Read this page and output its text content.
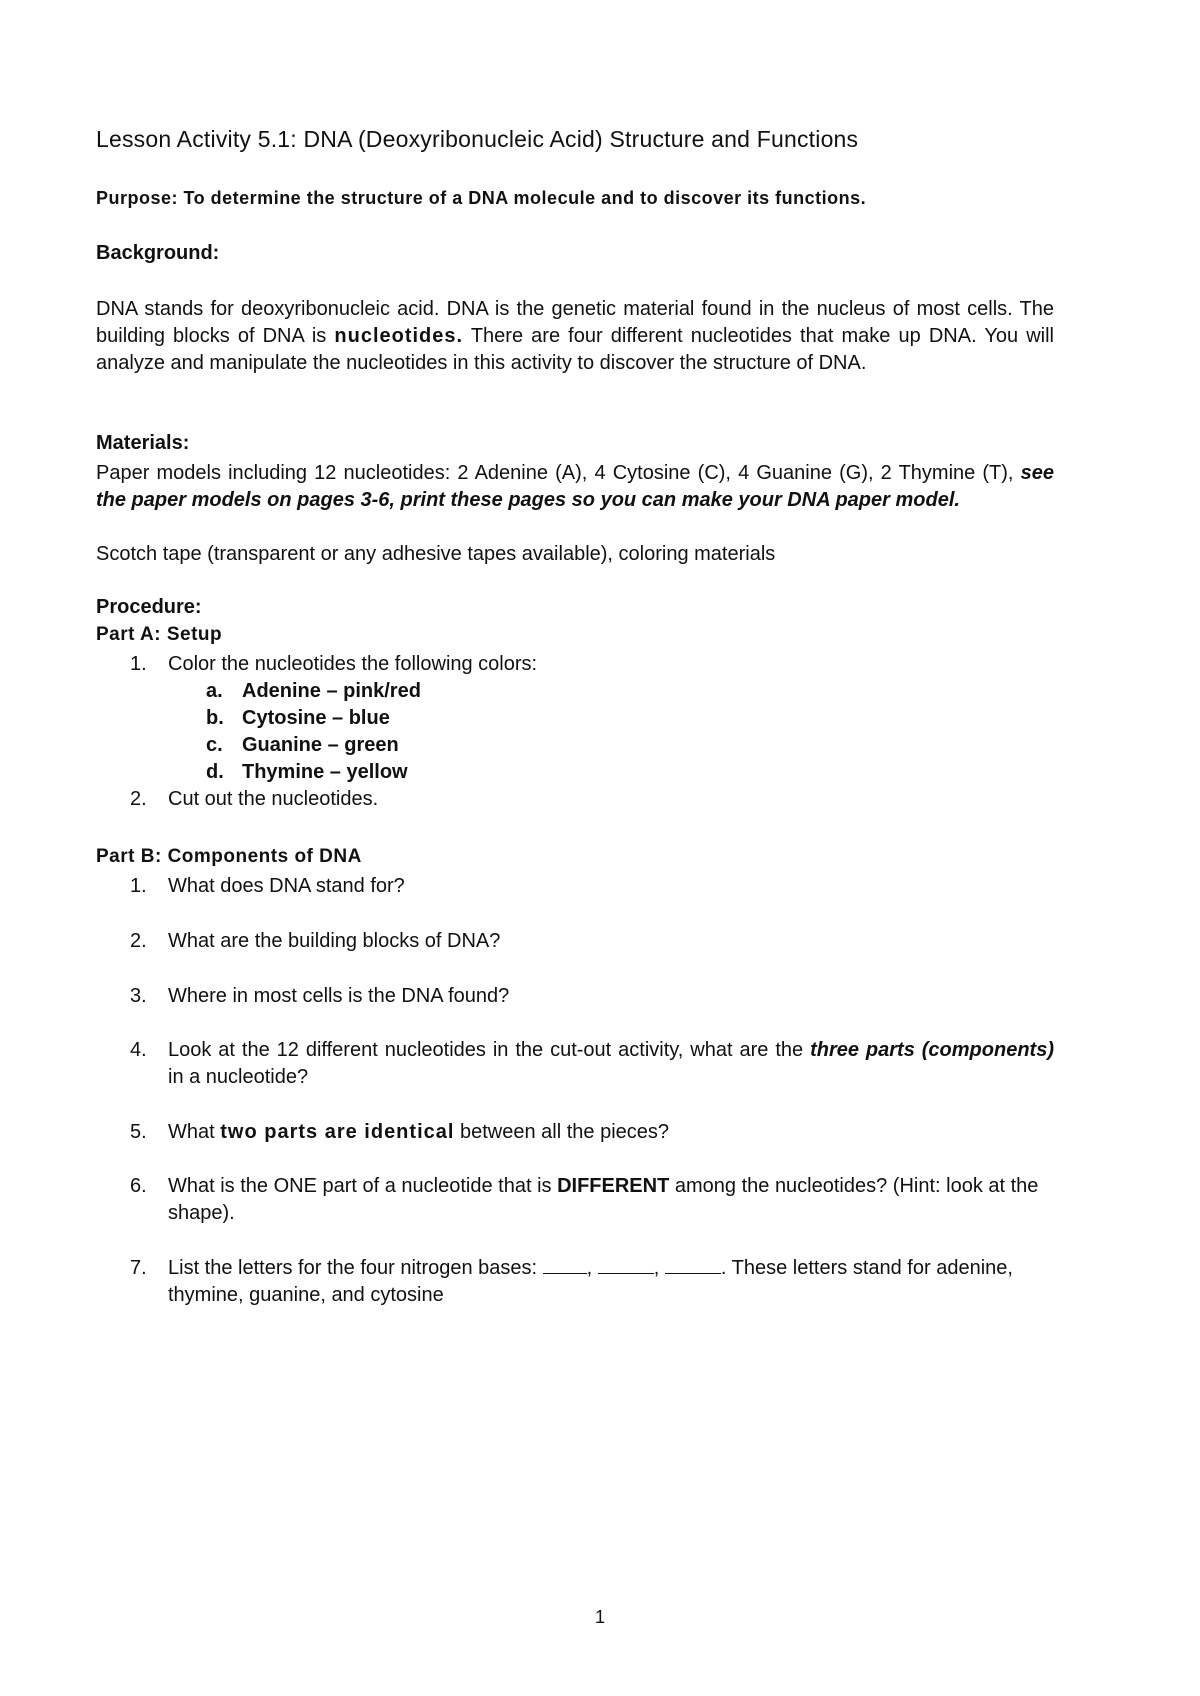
Lesson Activity 5.1: DNA (Deoxyribonucleic Acid) Structure and Functions
Purpose: To determine the structure of a DNA molecule and to discover its functions.
Background:
DNA stands for deoxyribonucleic acid. DNA is the genetic material found in the nucleus of most cells. The building blocks of DNA is nucleotides. There are four different nucleotides that make up DNA. You will analyze and manipulate the nucleotides in this activity to discover the structure of DNA.
Materials:
Paper models including 12 nucleotides: 2 Adenine (A), 4 Cytosine (C), 4 Guanine (G), 2 Thymine (T), see the paper models on pages 3-6, print these pages so you can make your DNA paper model.
Scotch tape (transparent or any adhesive tapes available), coloring materials
Procedure:
Part A: Setup
1.	Color the nucleotides the following colors:
a. Adenine – pink/red
b. Cytosine – blue
c. Guanine – green
d. Thymine – yellow
2.	Cut out the nucleotides.
Part B: Components of DNA
1.	What does DNA stand for?
2.	What are the building blocks of DNA?
3.	Where in most cells is the DNA found?
4.	Look at the 12 different nucleotides in the cut-out activity, what are the three parts (components) in a nucleotide?
5.	What two parts are identical between all the pieces?
6.	What is the ONE part of a nucleotide that is DIFFERENT among the nucleotides? (Hint: look at the shape).
7.	List the letters for the four nitrogen bases: ,	,	. These letters stand for adenine, thymine, guanine, and cytosine
1
